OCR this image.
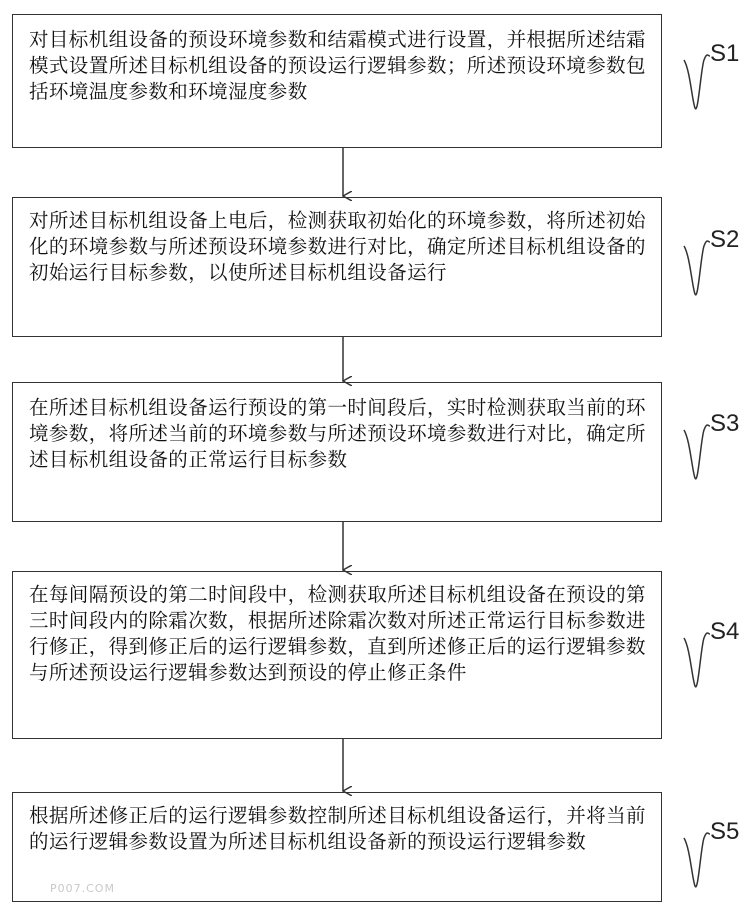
对目标机组设备的预设环境参数和结霜模式进行设置，并根据所述结霜模式设置所述目标机组设备的预设运行逻辑参数；所述预设环境参数包括环境温度参数和环境湿度参数
对所述目标机组设备上电后，检测获取初始化的环境参数，将所述初始化的环境参数与所述预设环境参数进行对比，确定所述目标机组设备的初始运行目标参数，以使所述目标机组设备运行
在所述目标机组设备运行预设的第一时间段后，实时检测获取当前的环境参数，将所述当前的环境参数与所述预设环境参数进行对比，确定所述目标机组设备的正常运行目标参数
在每间隔预设的第二时间段中，检测获取所述目标机组设备在预设的第三时间段内的除霜次数，根据所述除霜次数对所述正常运行目标参数进行修正，得到修正后的运行逻辑参数，直到所述修正后的运行逻辑参数与所述预设运行逻辑参数达到预设的停止修正条件
根据所述修正后的运行逻辑参数控制所述目标机组设备运行，并将当前的运行逻辑参数设置为所述目标机组设备新的预设运行逻辑参数
S1
S2
S3
S4
S5
P007.COM
